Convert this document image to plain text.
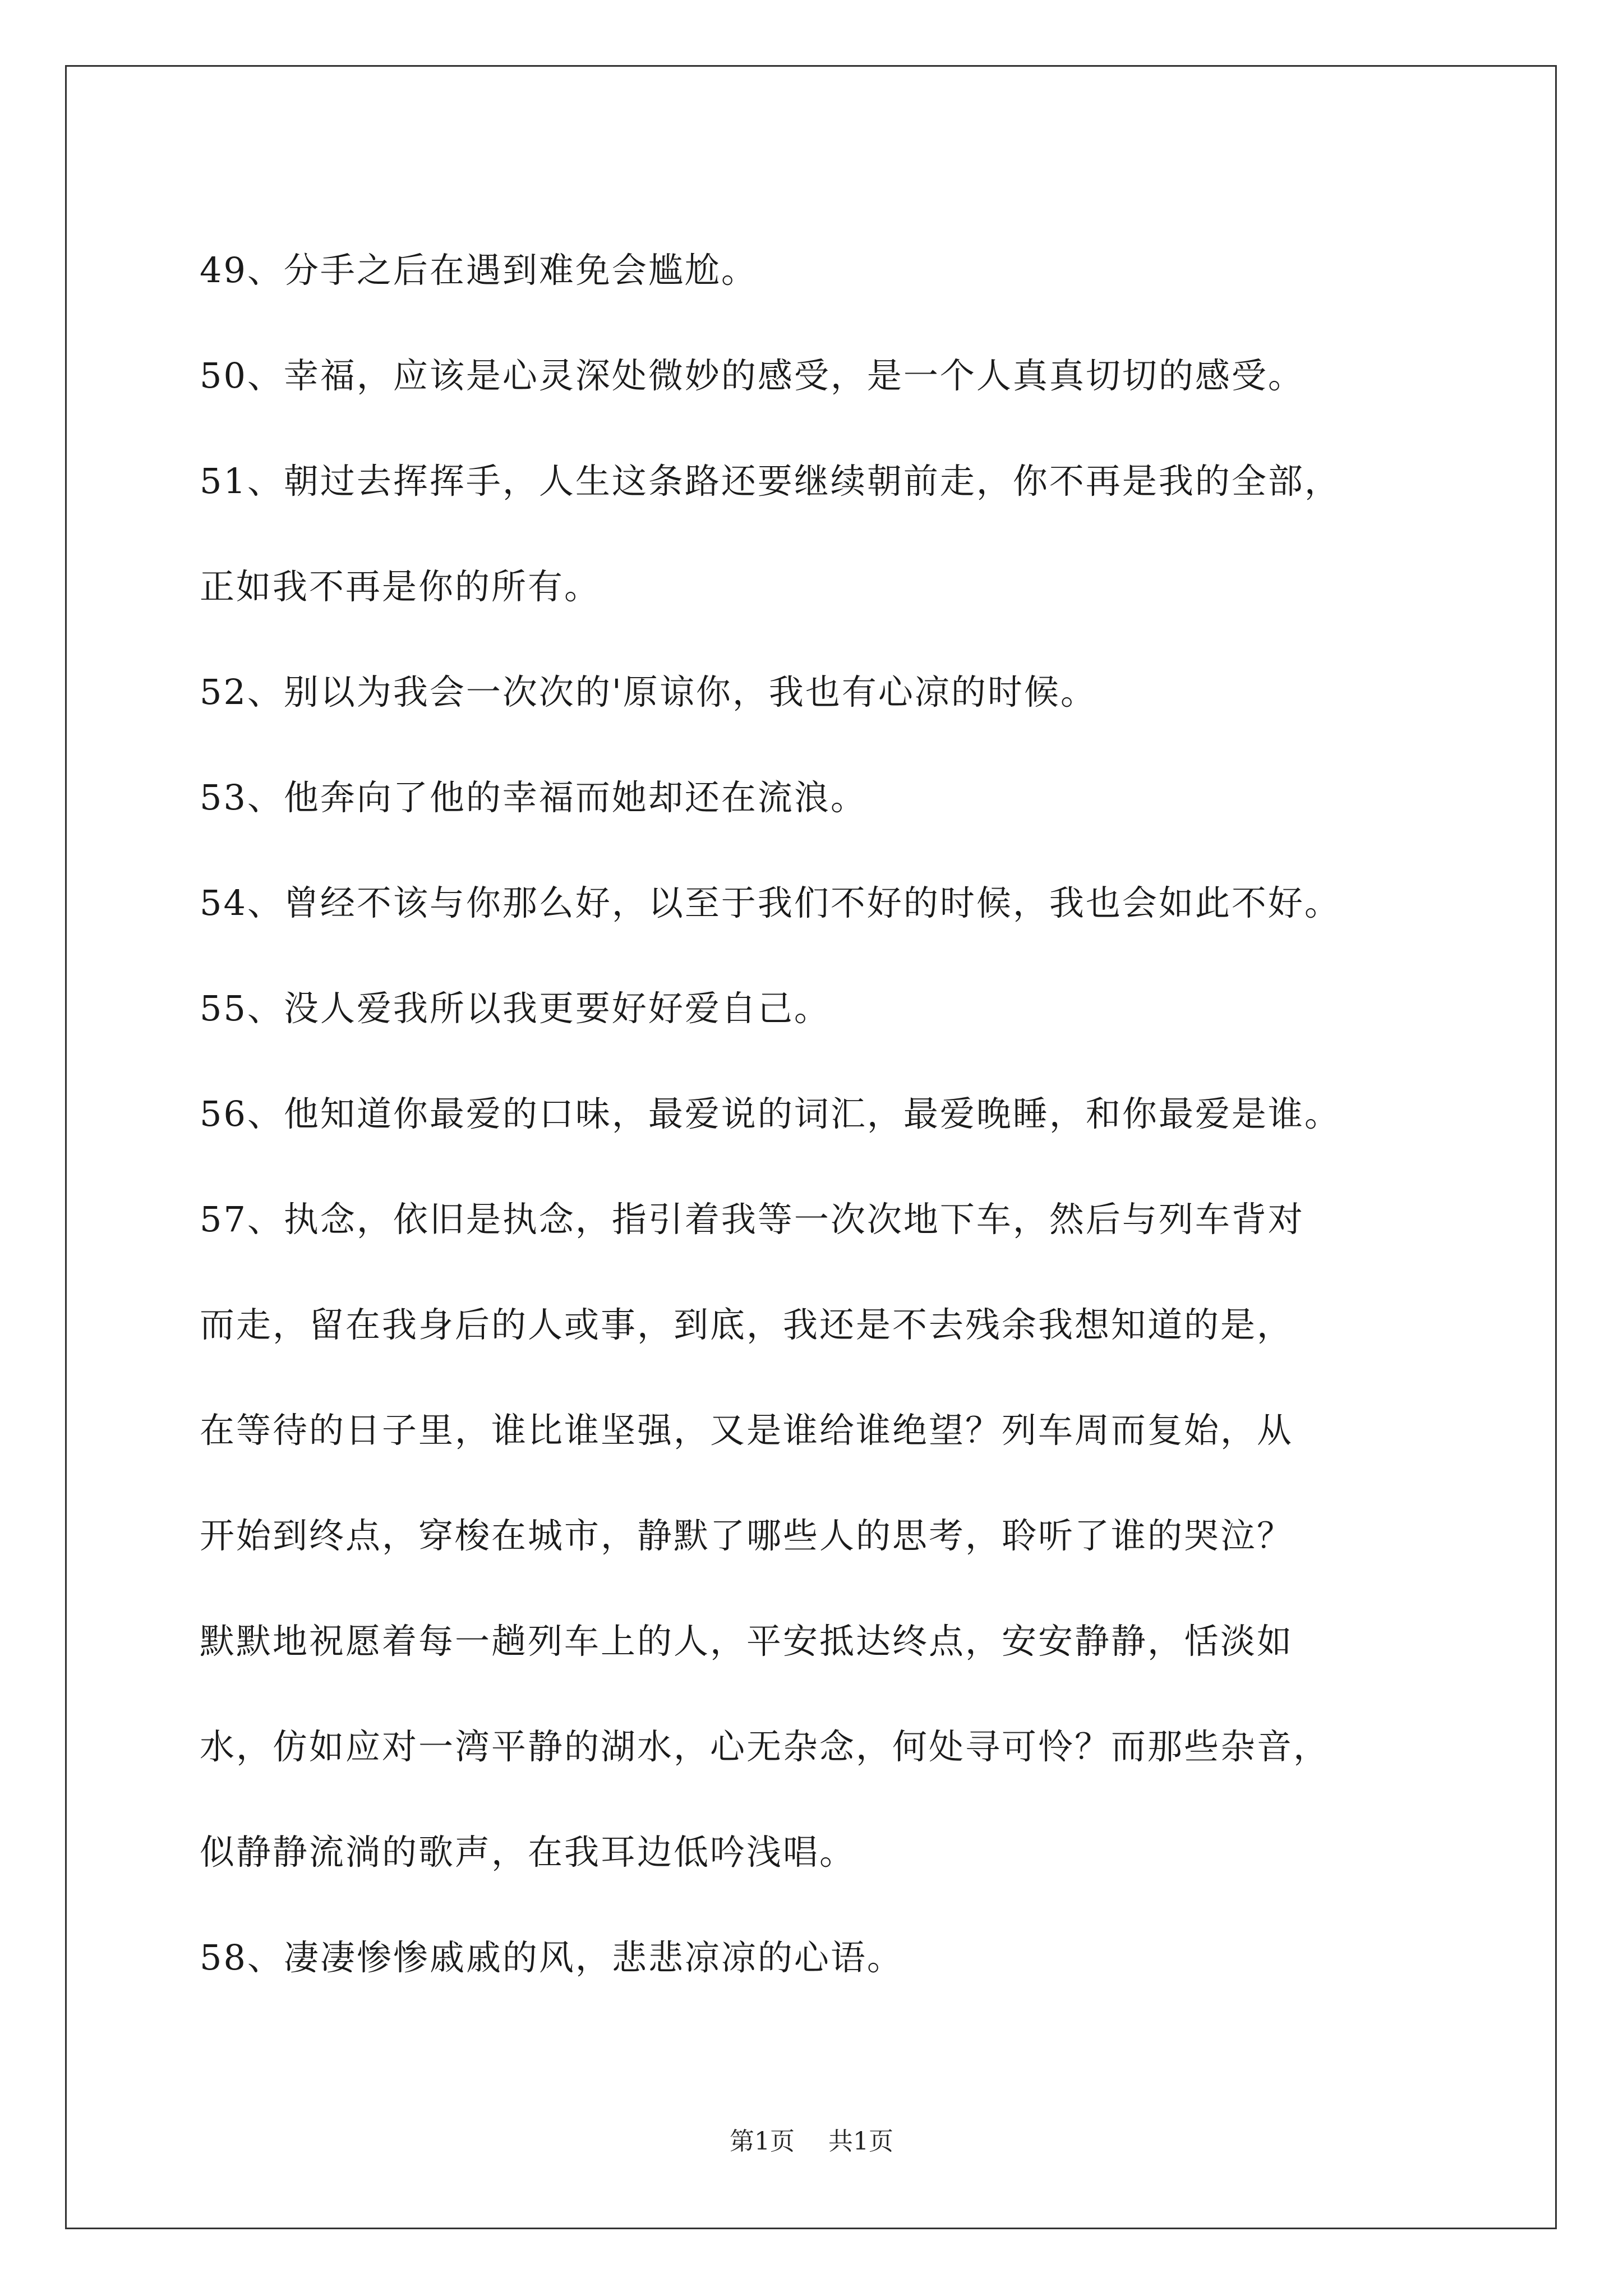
49、分手之后在遇到难免会尴尬。

50、幸福，应该是心灵深处微妙的感受，是一个人真真切切的感受。

51、朝过去挥挥手，人生这条路还要继续朝前走，你不再是我的全部，
正如我不再是你的所有。

52、别以为我会一次次的'原谅你，我也有心凉的时候。

53、他奔向了他的幸福而她却还在流浪。

54、曾经不该与你那么好，以至于我们不好的时候，我也会如此不好。

55、没人爱我所以我更要好好爱自己。

56、他知道你最爱的口味，最爱说的词汇，最爱晚睡，和你最爱是谁。

57、执念，依旧是执念，指引着我等一次次地下车，然后与列车背对
而走，留在我身后的人或事，到底，我还是不去残余我想知道的是，
在等待的日子里，谁比谁坚强，又是谁给谁绝望？列车周而复始，从
开始到终点，穿梭在城市，静默了哪些人的思考，聆听了谁的哭泣？
默默地祝愿着每一趟列车上的人，平安抵达终点，安安静静，恬淡如
水，仿如应对一湾平静的湖水，心无杂念，何处寻可怜？而那些杂音，
似静静流淌的歌声，在我耳边低吟浅唱。

58、凄凄惨惨戚戚的风，悲悲凉凉的心语。

第1页 共1页
